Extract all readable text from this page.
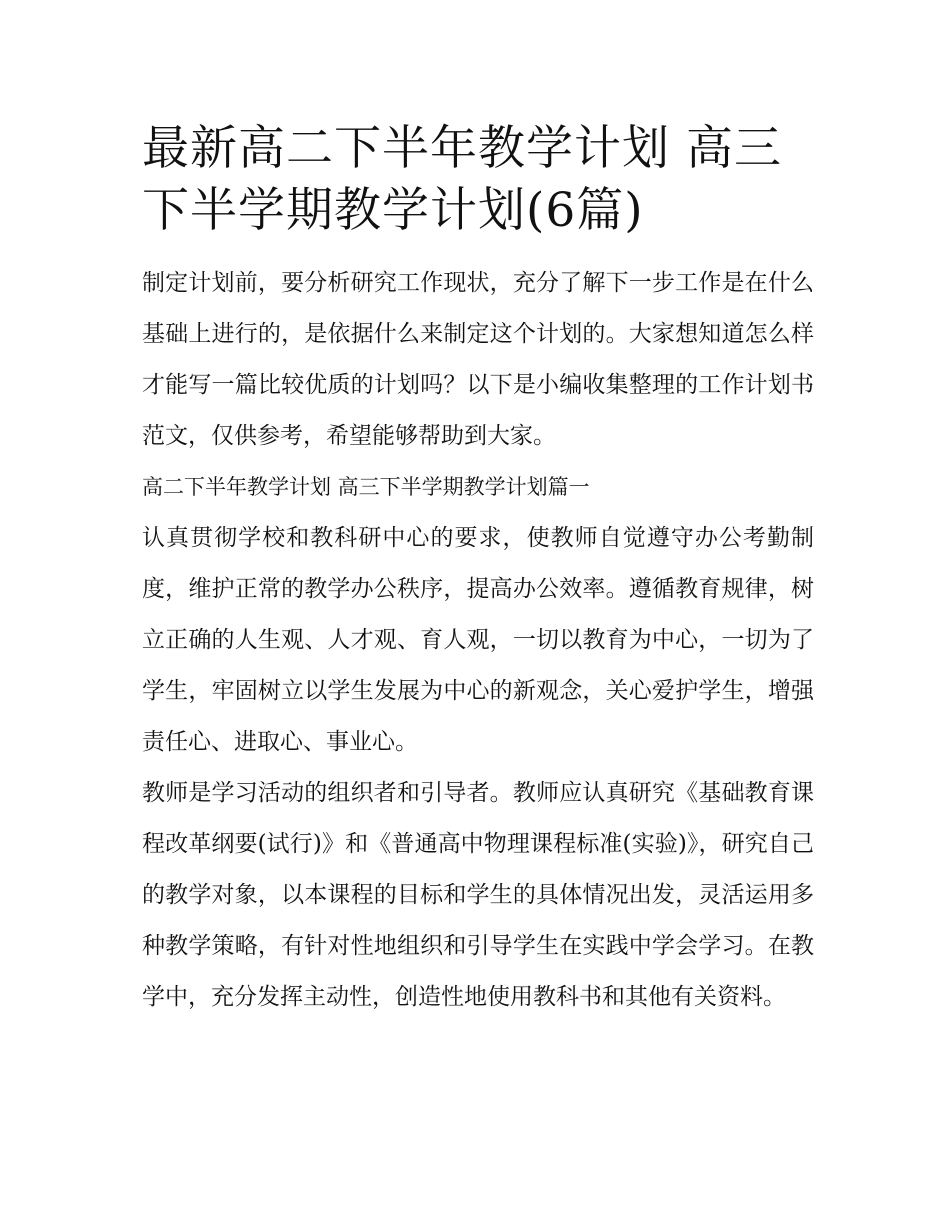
最新高二下半年教学计划 高三下半学期教学计划(6篇)

制定计划前，要分析研究工作现状，充分了解下一步工作是在什么基础上进行的，是依据什么来制定这个计划的。大家想知道怎么样才能写一篇比较优质的计划吗？以下是小编收集整理的工作计划书范文，仅供参考，希望能够帮助到大家。

高二下半年教学计划 高三下半学期教学计划篇一

认真贯彻学校和教科研中心的要求，使教师自觉遵守办公考勤制度，维护正常的教学办公秩序，提高办公效率。遵循教育规律，树立正确的人生观、人才观、育人观，一切以教育为中心，一切为了学生，牢固树立以学生发展为中心的新观念，关心爱护学生，增强责任心、进取心、事业心。

教师是学习活动的组织者和引导者。教师应认真研究《基础教育课程改革纲要(试行)》和《普通高中物理课程标准(实验)》，研究自己的教学对象，以本课程的目标和学生的具体情况出发，灵活运用多种教学策略，有针对性地组织和引导学生在实践中学会学习。在教学中，充分发挥主动性，创造性地使用教科书和其他有关资料。
